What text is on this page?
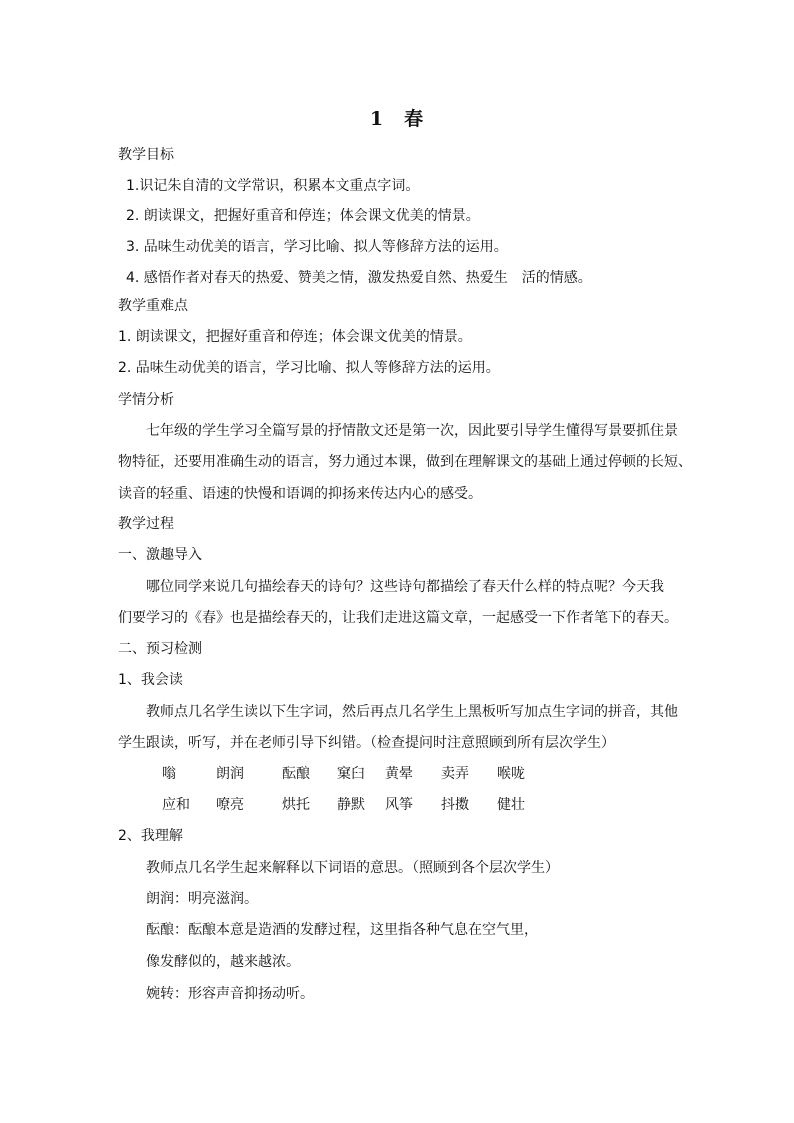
1　春
教学目标
1.识记朱自清的文学常识，积累本文重点字词。
2. 朗读课文，把握好重音和停连；体会课文优美的情景。
3. 品味生动优美的语言，学习比喻、拟人等修辞方法的运用。
4. 感悟作者对春天的热爱、赞美之情，激发热爱自然、热爱生　活的情感。
教学重难点
1. 朗读课文，把握好重音和停连；体会课文优美的情景。
2. 品味生动优美的语言，学习比喻、拟人等修辞方法的运用。
学情分析
七年级的学生学习全篇写景的抒情散文还是第一次，因此要引导学生懂得写景要抓住景
物特征，还要用准确生动的语言，努力通过本课，做到在理解课文的基础上通过停顿的长短、
读音的轻重、语速的快慢和语调的抑扬来传达内心的感受。
教学过程
一、激趣导入
哪位同学来说几句描绘春天的诗句？这些诗句都描绘了春天什么样的特点呢？今天我
们要学习的《春》也是描绘春天的，让我们走进这篇文章，一起感受一下作者笔下的春天。
二、预习检测
1、我会读
教师点几名学生读以下生字词，然后再点几名学生上黑板听写加点生字词的拼音，其他
学生跟读，听写，并在老师引导下纠错。（检查提问时注意照顾到所有层次学生）
嗡	朗润	酝酿 窠臼 黄晕 卖弄 喉咙
应和 嘹亮	烘托 静默 风筝 抖擞 健壮
2、我理解
教师点几名学生起来解释以下词语的意思。（照顾到各个层次学生）
朗润：明亮滋润。
酝酿：酝酿本意是造酒的发酵过程，这里指各种气息在空气里，
像发酵似的，越来越浓。
婉转：形容声音抑扬动听。
